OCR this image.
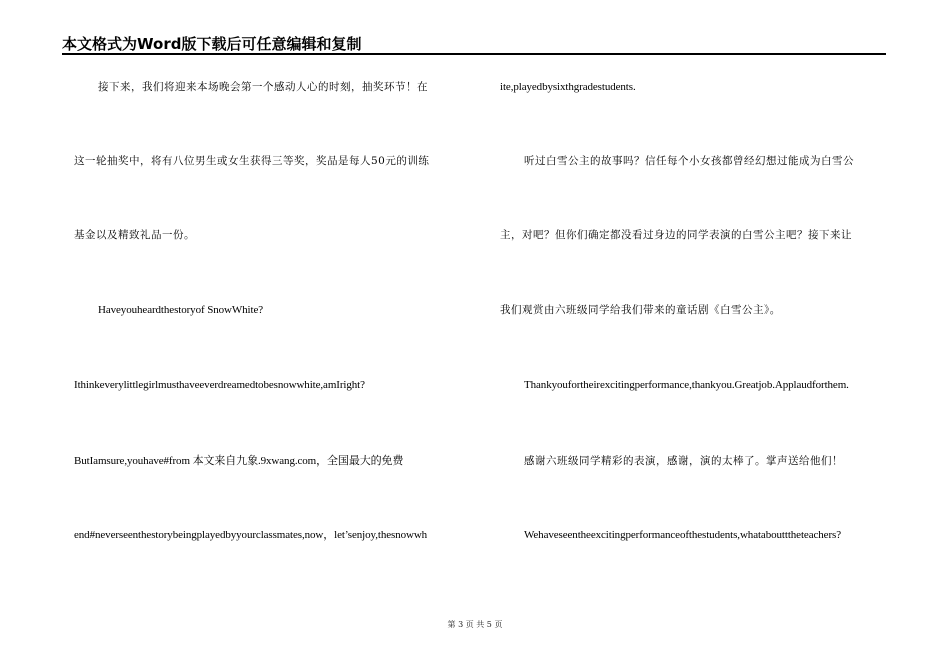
本文格式为Word版下载后可任意编辑和复制
接下来，我们将迎来本场晚会第一个感动人心的时刻，抽奖环节！在
这一轮抽奖中，将有八位男生或女生获得三等奖，奖品是每人50元的训练
基金以及精致礼品一份。
Haveyouheardthestoryof SnowWhite?
Ithinkeverylittlegirlmusthaveeverdreamedtobesnowwhite,amIright?
ButIamsure,youhave#from 本文来自九象.9xwang.com，全国最大的免费
end#neverseenthestorybeingplayedbyyourclassmates,now，let’senjoy,thesnowwh
ite,playedbysixthgradestudents.
听过白雪公主的故事吗？信任每个小女孩都曾经幻想过能成为白雪公
主，对吧？但你们确定都没看过身边的同学表演的白雪公主吧？接下来让
我们观赏由六班级同学给我们带来的童话剧《白雪公主》。
Thankyoufortheirexcitingperformance,thankyou.Greatjob.Applaudforthem.
感谢六班级同学精彩的表演，感谢，演的太棒了。掌声送给他们！
Wehaveseentheexcitingperformanceofthestudents,whataboutttheteachers?
第 3 页 共 5 页
